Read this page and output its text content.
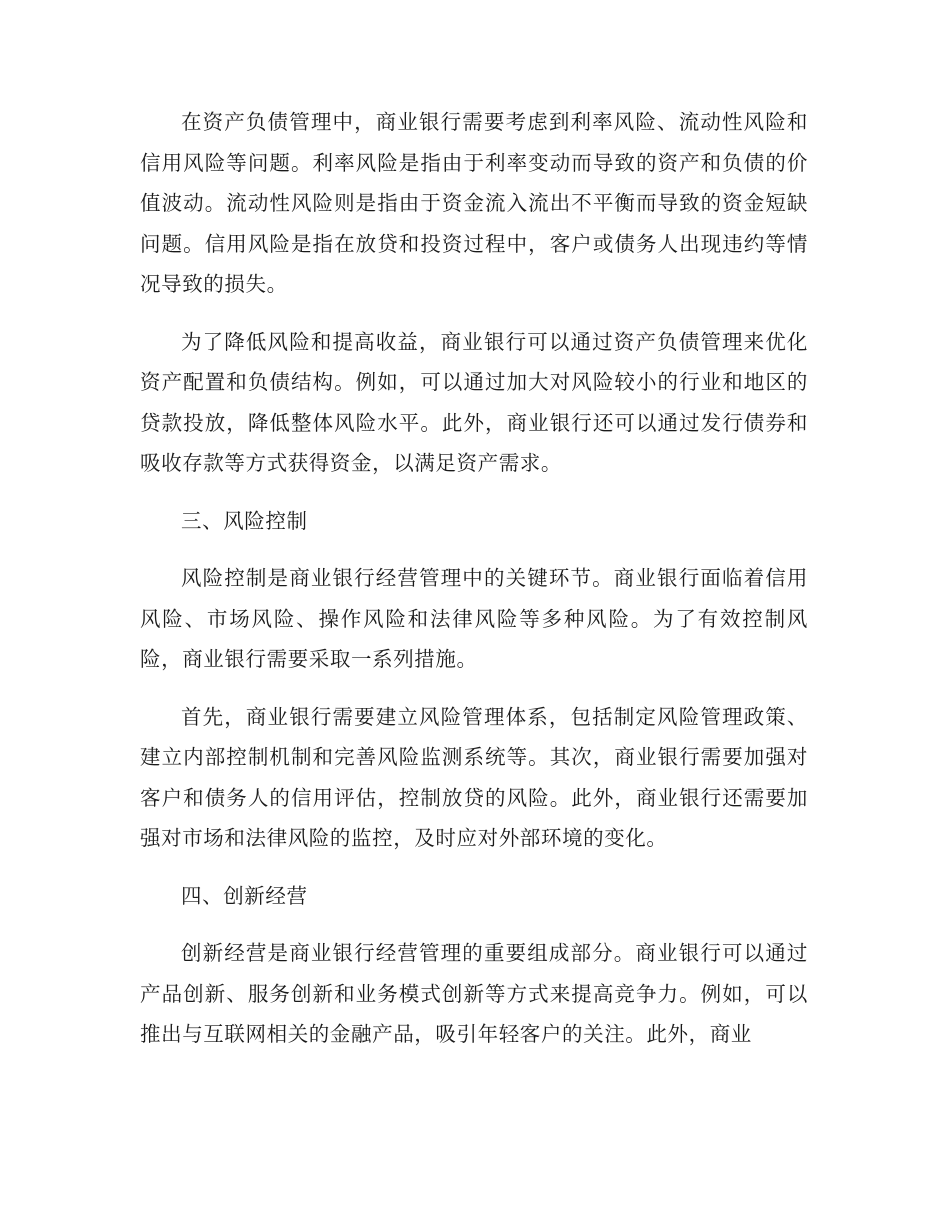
在资产负债管理中，商业银行需要考虑到利率风险、流动性风险和信用风险等问题。利率风险是指由于利率变动而导致的资产和负债的价值波动。流动性风险则是指由于资金流入流出不平衡而导致的资金短缺问题。信用风险是指在放贷和投资过程中，客户或债务人出现违约等情况导致的损失。

为了降低风险和提高收益，商业银行可以通过资产负债管理来优化资产配置和负债结构。例如，可以通过加大对风险较小的行业和地区的贷款投放，降低整体风险水平。此外，商业银行还可以通过发行债券和吸收存款等方式获得资金，以满足资产需求。

三、风险控制

风险控制是商业银行经营管理中的关键环节。商业银行面临着信用风险、市场风险、操作风险和法律风险等多种风险。为了有效控制风险，商业银行需要采取一系列措施。

首先，商业银行需要建立风险管理体系，包括制定风险管理政策、建立内部控制机制和完善风险监测系统等。其次，商业银行需要加强对客户和债务人的信用评估，控制放贷的风险。此外，商业银行还需要加强对市场和法律风险的监控，及时应对外部环境的变化。

四、创新经营

创新经营是商业银行经营管理的重要组成部分。商业银行可以通过产品创新、服务创新和业务模式创新等方式来提高竞争力。例如，可以推出与互联网相关的金融产品，吸引年轻客户的关注。此外，商业
